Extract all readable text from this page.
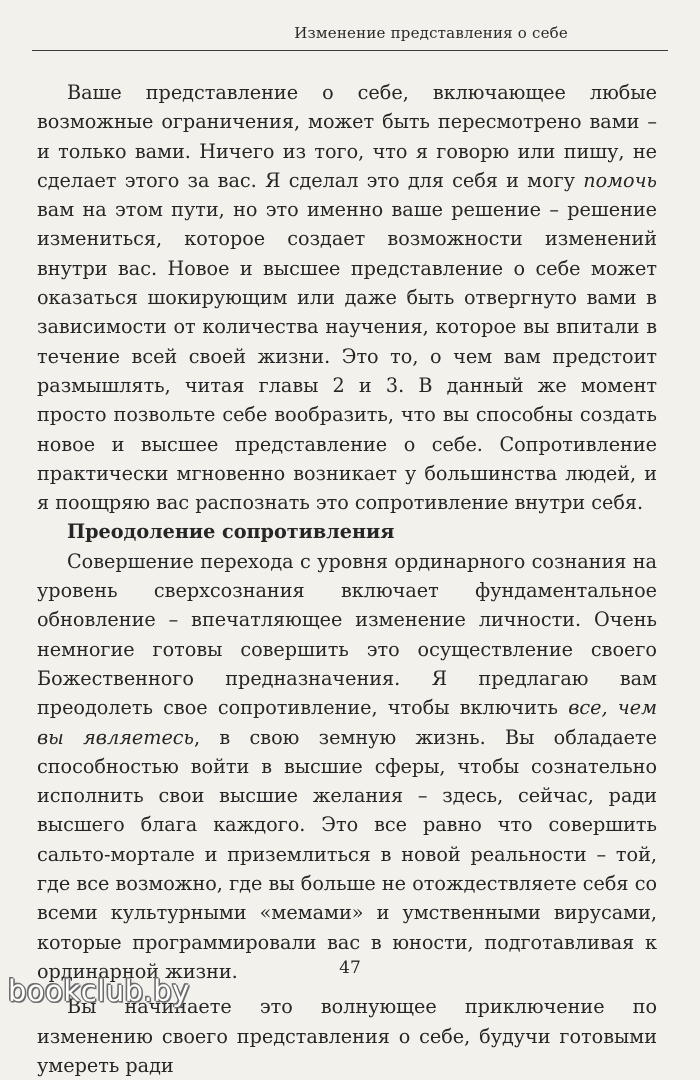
Изменение представления о себе

Ваше представление о себе, включающее любые возможные ограничения, может быть пересмотрено вами – и только вами. Ничего из того, что я говорю или пишу, не сделает этого за вас. Я сделал это для себя и могу помочь вам на этом пути, но это именно ваше решение – решение измениться, которое создает возможности изменений внутри вас. Новое и высшее представление о себе может оказаться шокирующим или даже быть отвергнуто вами в зависимости от количества научения, которое вы впитали в течение всей своей жизни. Это то, о чем вам предстоит размышлять, читая главы 2 и 3. В данный же момент просто позвольте себе вообразить, что вы способны создать новое и высшее представление о себе. Сопротивление практически мгновенно возникает у большинства людей, и я поощряю вас распознать это сопротивление внутри себя.

Преодоление сопротивления

Совершение перехода с уровня ординарного сознания на уровень сверхсознания включает фундаментальное обновление – впечатляющее изменение личности. Очень немногие готовы совершить это осуществление своего Божественного предназначения. Я предлагаю вам преодолеть свое сопротивление, чтобы включить все, чем вы являетесь, в свою земную жизнь. Вы обладаете способностью войти в высшие сферы, чтобы сознательно исполнить свои высшие желания – здесь, сейчас, ради высшего блага каждого. Это все равно что совершить сальто-мортале и приземлиться в новой реальности – той, где все возможно, где вы больше не отождествляете себя со всеми культурными «мемами» и умственными вирусами, которые программировали вас в юности, подготавливая к ординарной жизни.

Вы начинаете это волнующее приключение по изменению своего представления о себе, будучи готовыми умереть ради

47
bookclub.by
